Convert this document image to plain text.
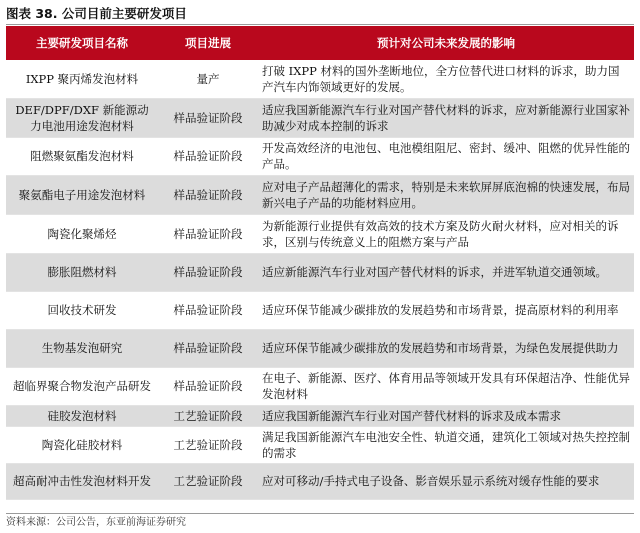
图表 38. 公司目前主要研发项目
主要研发项目名称	项目进展	预计对公司未来发展的影响
IXPP 聚丙烯发泡材料	量产	打破 IXPP 材料的国外垄断地位，全方位替代进口材料的诉求，助力国产汽车内饰领域更好的发展。
DEF/DPF/DXF 新能源动力电池用途发泡材料	样品验证阶段	适应我国新能源汽车行业对国产替代材料的诉求，应对新能源行业国家补助减少对成本控制的诉求
阻燃聚氨酯发泡材料	样品验证阶段	开发高效经济的电池包、电池模组阻尼、密封、缓冲、阻燃的优异性能的产品。
聚氨酯电子用途发泡材料	样品验证阶段	应对电子产品超薄化的需求，特别是未来软屏屏底泡棉的快速发展，布局新兴电子产品的功能材料应用。
陶瓷化聚烯烃	样品验证阶段	为新能源行业提供有效高效的技术方案及防火耐火材料，应对相关的诉求，区别与传统意义上的阻燃方案与产品
膨胀阻燃材料	样品验证阶段	适应新能源汽车行业对国产替代材料的诉求，并进军轨道交通领域。
回收技术研发	样品验证阶段	适应环保节能减少碳排放的发展趋势和市场背景，提高原材料的利用率
生物基发泡研究	样品验证阶段	适应环保节能减少碳排放的发展趋势和市场背景，为绿色发展提供助力
超临界聚合物发泡产品研发	样品验证阶段	在电子、新能源、医疗、体育用品等领域开发具有环保超洁净、性能优异发泡材料
硅胶发泡材料	工艺验证阶段	适应我国新能源汽车行业对国产替代材料的诉求及成本需求
陶瓷化硅胶材料	工艺验证阶段	满足我国新能源汽车电池安全性、轨道交通，建筑化工领域对热失控控制的需求
超高耐冲击性发泡材料开发	工艺验证阶段	应对可移动/手持式电子设备、影音娱乐显示系统对缓存性能的要求
资料来源：公司公告，东亚前海证券研究
